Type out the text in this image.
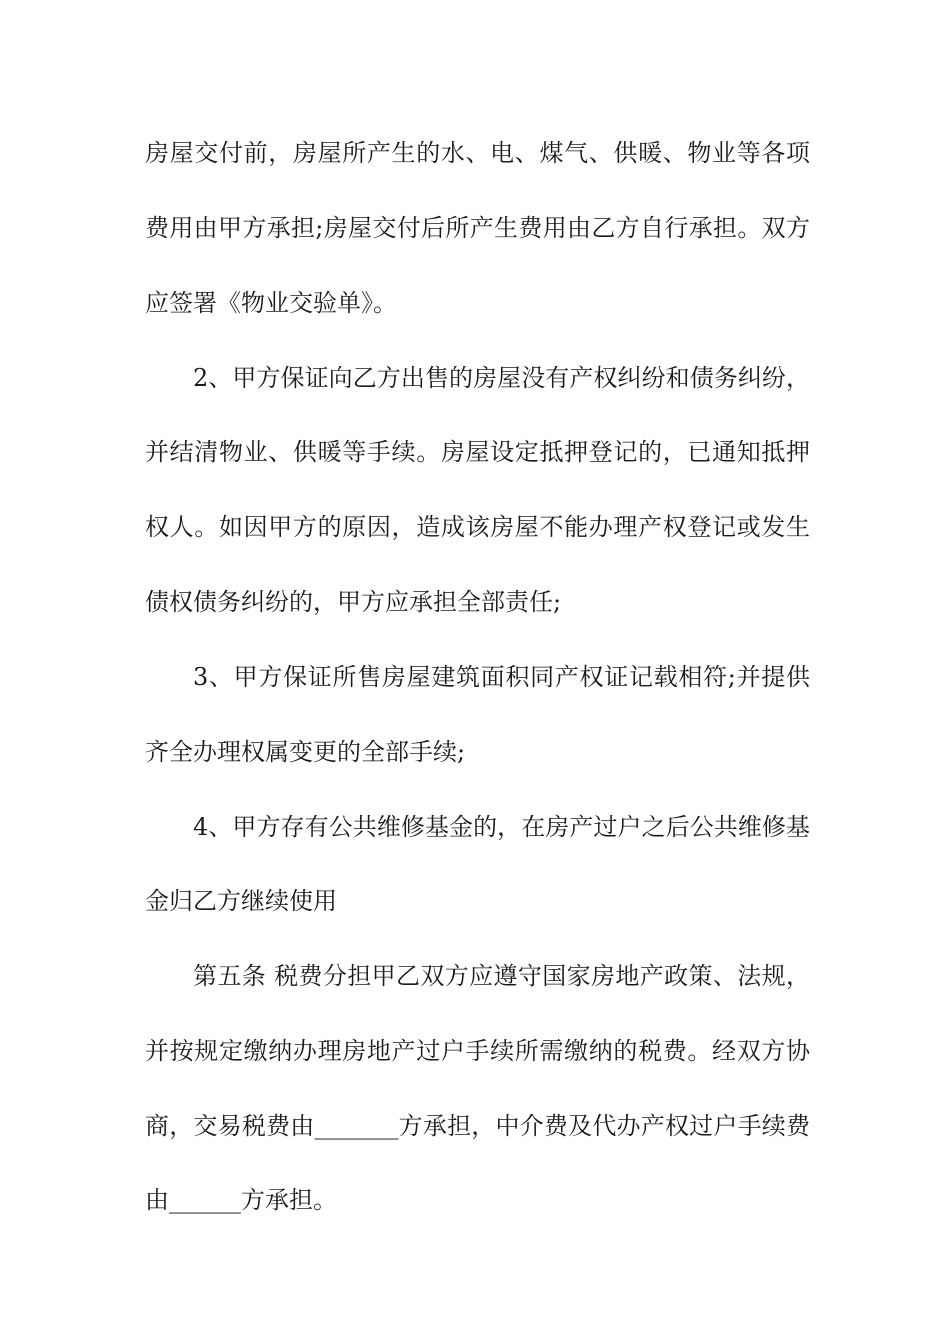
房屋交付前，房屋所产生的水、电、煤气、供暖、物业等各项
费用由甲方承担;房屋交付后所产生费用由乙方自行承担。双方
应签署《物业交验单》。
2、甲方保证向乙方出售的房屋没有产权纠纷和债务纠纷，
并结清物业、供暖等手续。房屋设定抵押登记的，已通知抵押
权人。如因甲方的原因，造成该房屋不能办理产权登记或发生
债权债务纠纷的，甲方应承担全部责任;
3、甲方保证所售房屋建筑面积同产权证记载相符;并提供
齐全办理权属变更的全部手续;
4、甲方存有公共维修基金的，在房产过户之后公共维修基
金归乙方继续使用
第五条 税费分担甲乙双方应遵守国家房地产政策、法规，
并按规定缴纳办理房地产过户手续所需缴纳的税费。经双方协
商，交易税费由_______方承担，中介费及代办产权过户手续费
由______方承担。
